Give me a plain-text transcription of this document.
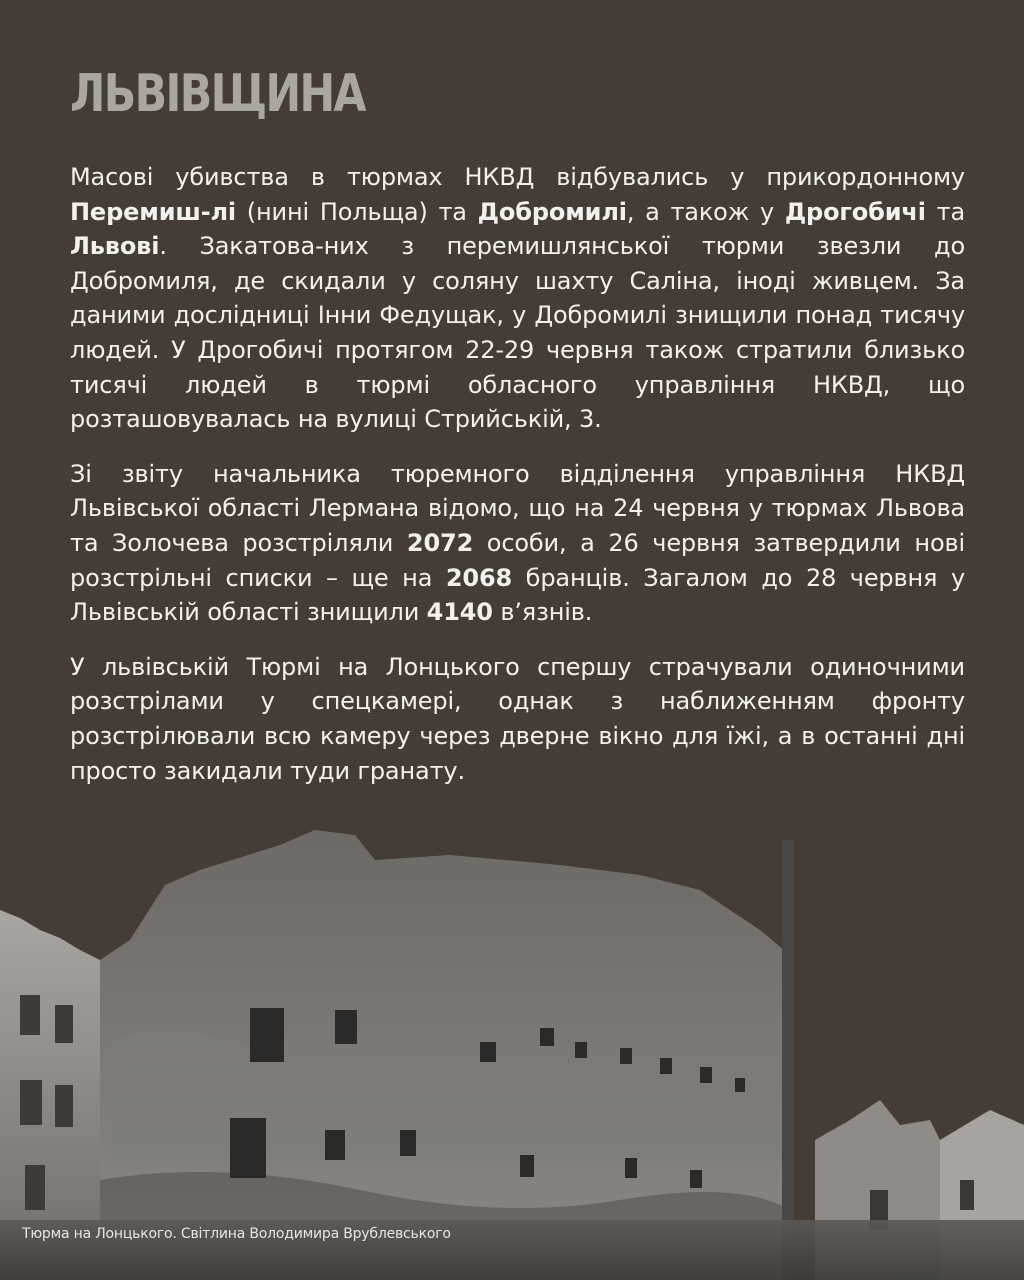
ЛЬВІВЩИНА

Масові убивства в тюрмах НКВД відбувались у прикордонному Перемиш-лі (нині Польща) та Добромилі, а також у Дрогобичі та Львові. Закатова-них з перемишлянської тюрми звезли до Добромиля, де скидали у соляну шахту Саліна, іноді живцем. За даними дослідниці Інни Федущак, у Добромилі знищили понад тисячу людей. У Дрогобичі протягом 22-29 червня також стратили близько тисячі людей в тюрмі обласного управління НКВД, що розташовувалась на вулиці Стрийській, 3.

Зі звіту начальника тюремного відділення управління НКВД Львівської області Лермана відомо, що на 24 червня у тюрмах Львова та Золочева розстріляли 2072 особи, а 26 червня затвердили нові розстрільні списки – ще на 2068 бранців. Загалом до 28 червня у Львівській області знищили 4140 в’язнів.

У львівській Тюрмі на Лонцького спершу страчували одиночними розстрілами у спецкамері, однак з наближенням фронту розстрілювали всю камеру через дверне вікно для їжі, а в останні дні просто закидали туди гранату.

Тюрма на Лонцького. Світлина Володимира Врублевського
